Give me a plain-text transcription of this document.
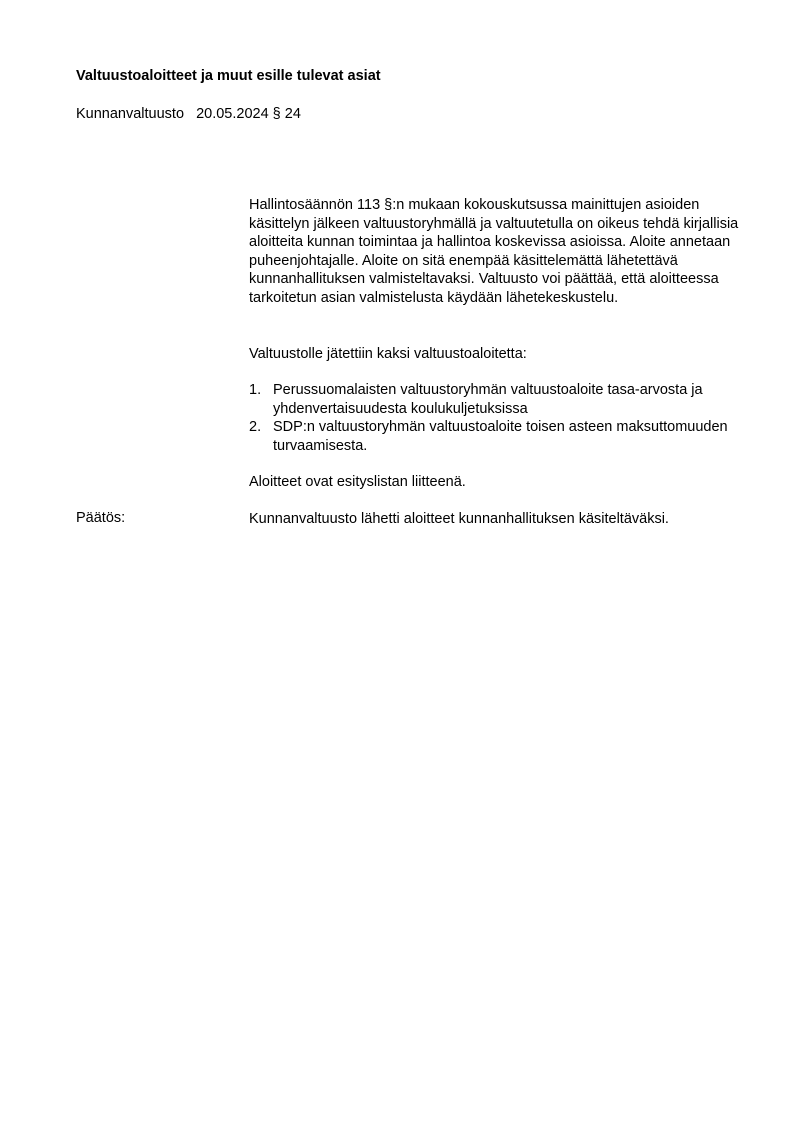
Valtuustoaloitteet ja muut esille tulevat asiat
Kunnanvaltuusto 20.05.2024 § 24

Hallintosäännön 113 §:n mukaan kokouskutsussa mainittujen asioiden käsittelyn jälkeen valtuustoryhmällä ja valtuutetulla on oikeus tehdä kirjallisia aloitteita kunnan toimintaa ja hallintoa koskevissa asioissa. Aloite annetaan puheenjohtajalle. Aloite on sitä enempää käsittelemättä lähetettävä kunnanhallituksen valmisteltavaksi. Valtuusto voi päättää, että aloitteessa tarkoitetun asian valmistelusta käydään lähetekeskustelu.

Valtuustolle jätettiin kaksi valtuustoaloitetta:

1. Perussuomalaisten valtuustoryhmän valtuustoaloite tasa-arvosta ja yhdenvertaisuudesta koulukuljetuksissa
2. SDP:n valtuustoryhmän valtuustoaloite toisen asteen maksuttomuuden turvaamisesta.

Aloitteet ovat esityslistan liitteenä.

Päätös:	Kunnanvaltuusto lähetti aloitteet kunnanhallituksen käsiteltäväksi.
